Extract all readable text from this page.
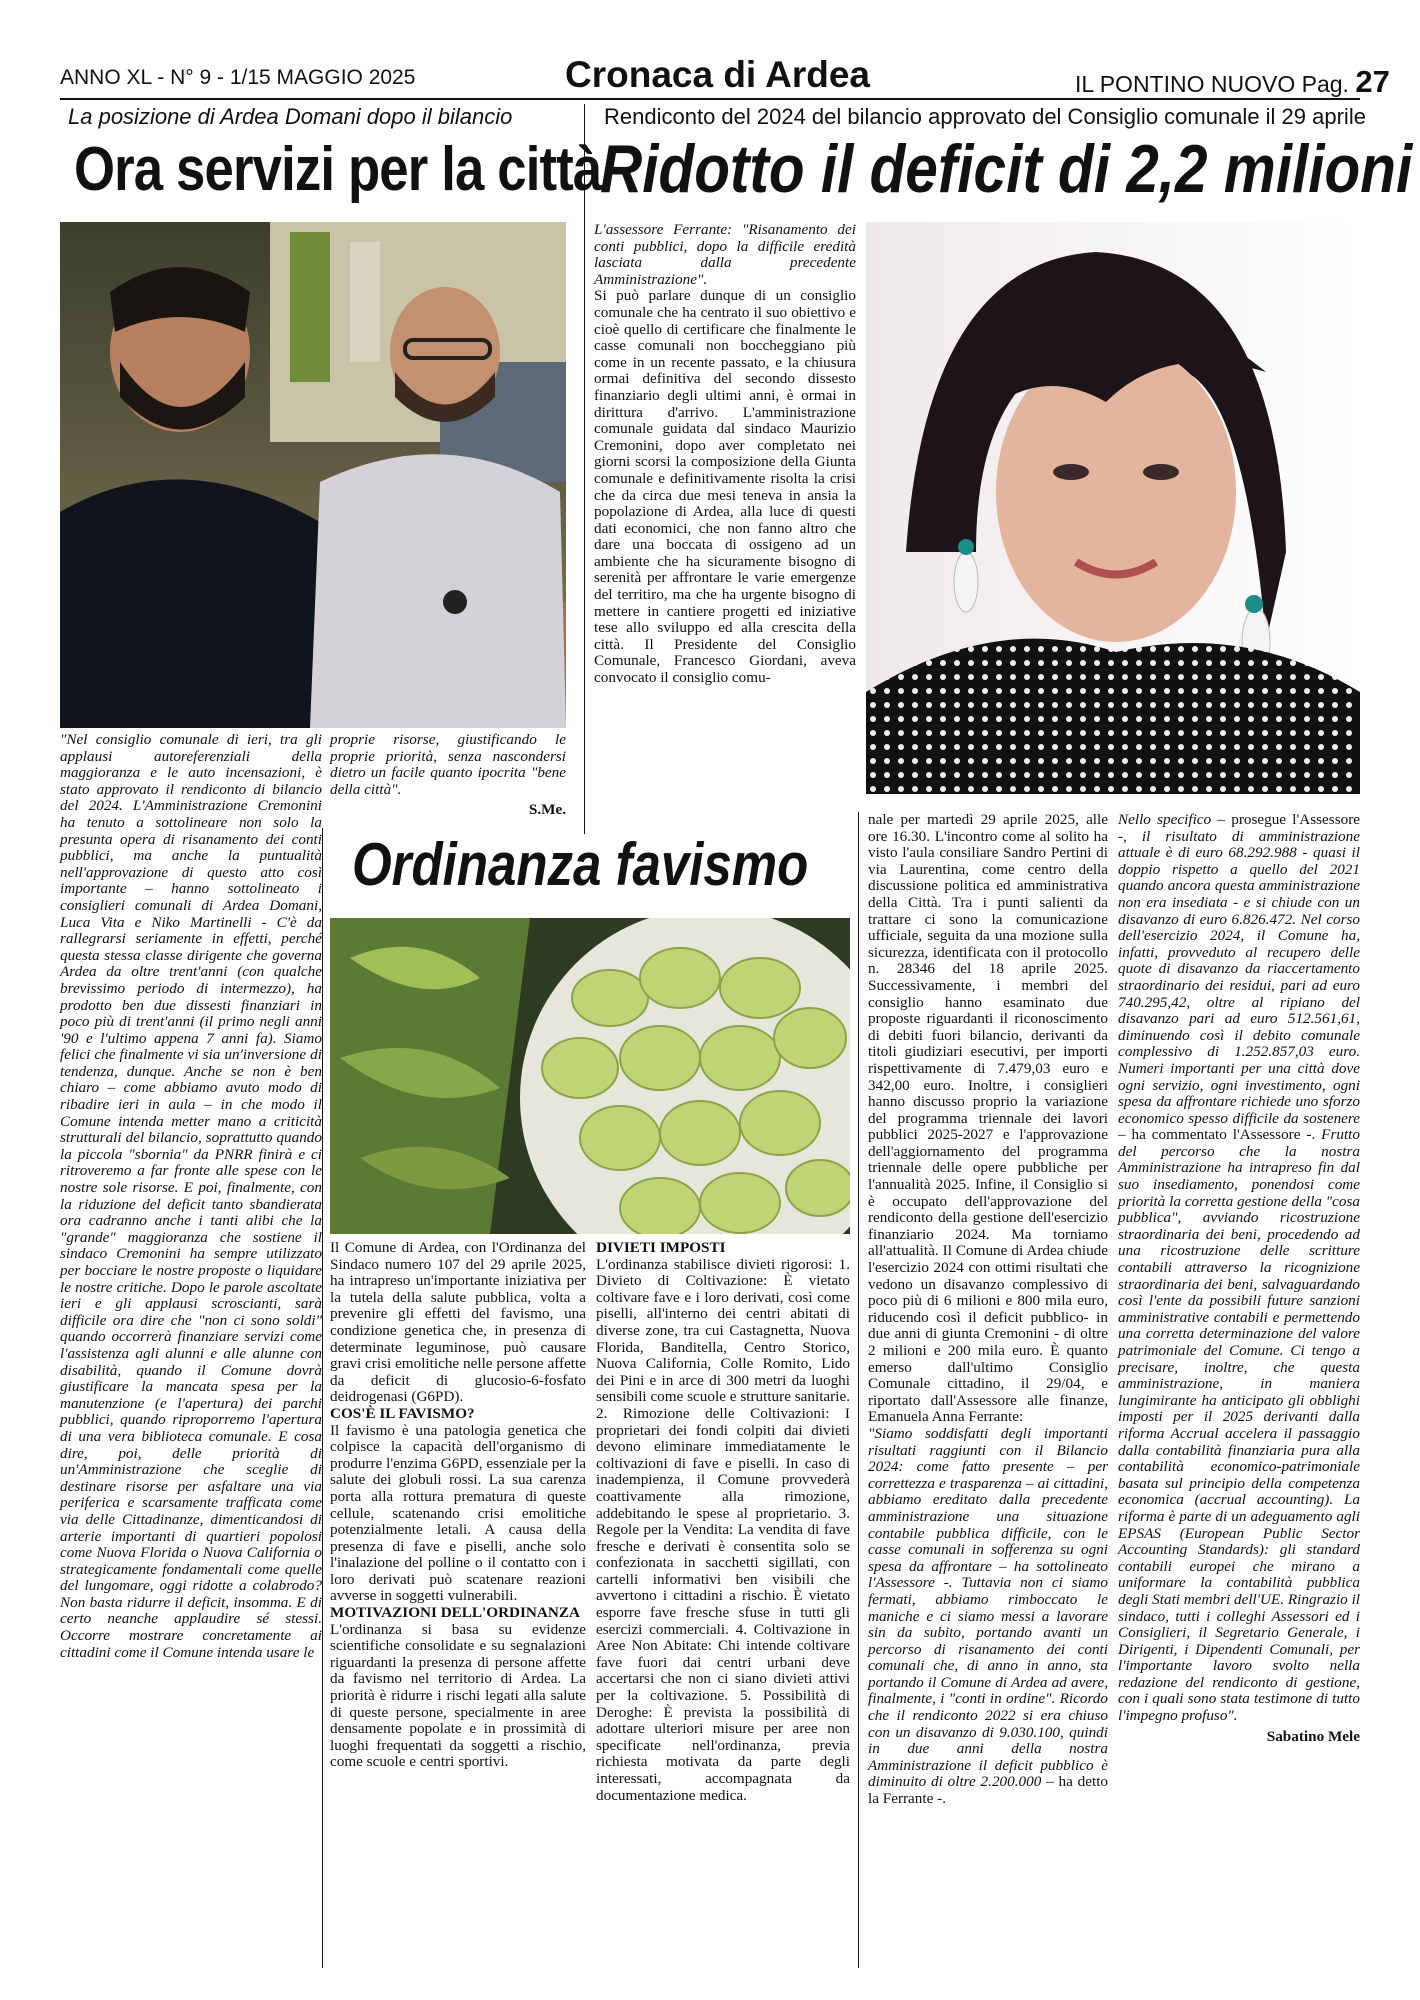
ANNO XL - N° 9 - 1/15 MAGGIO 2025	Cronaca di Ardea	IL PONTINO NUOVO Pag. 27
La posizione di Ardea Domani dopo il bilancio
Ora servizi per la città

"Nel consiglio comunale di ieri, tra gli applausi autoreferenziali della maggioranza e le auto incensazioni, è stato approvato il rendiconto di bilancio del 2024. L'Amministrazione Cremonini ha tenuto a sottolineare non solo la presunta opera di risanamento dei conti pubblici, ma anche la puntualità nell'approvazione di questo atto così importante – hanno sottolineato i consiglieri comunali di Ardea Domani, Luca Vita e Niko Martinelli - C'è da rallegrarsi seriamente in effetti, perché questa stessa classe dirigente che governa Ardea da oltre trent'anni (con qualche brevissimo periodo di intermezzo), ha prodotto ben due dissesti finanziari in poco più di trent'anni (il primo negli anni '90 e l'ultimo appena 7 anni fa). Siamo felici che finalmente vi sia un'inversione di tendenza, dunque. Anche se non è ben chiaro – come abbiamo avuto modo di ribadire ieri in aula – in che modo il Comune intenda metter mano a criticità strutturali del bilancio, soprattutto quando la piccola "sbornia" da PNRR finirà e ci ritroveremo a far fronte alle spese con le nostre sole risorse. E poi, finalmente, con la riduzione del deficit tanto sbandierata ora cadranno anche i tanti alibi che la "grande" maggioranza che sostiene il sindaco Cremonini ha sempre utilizzato per bocciare le nostre proposte o liquidare le nostre critiche. Dopo le parole ascoltate ieri e gli applausi scroscianti, sarà difficile ora dire che "non ci sono soldi" quando occorrerà finanziare servizi come l'assistenza agli alunni e alle alunne con disabilità, quando il Comune dovrà giustificare la mancata spesa per la manutenzione (e l'apertura) dei parchi pubblici, quando riproporremo l'apertura di una vera biblioteca comunale. E cosa dire, poi, delle priorità di un'Amministrazione che sceglie di destinare risorse per asfaltare una via periferica e scarsamente trafficata come via delle Cittadinanze, dimenticandosi di arterie importanti di quartieri popolosi come Nuova Florida o Nuova California o strategicamente fondamentali come quelle del lungomare, oggi ridotte a colabrodo? Non basta ridurre il deficit, insomma. E di certo neanche applaudire sé stessi. Occorre mostrare concretamente ai cittadini come il Comune intenda usare le

proprie risorse, giustificando le proprie priorità, senza nascondersi dietro un facile quanto ipocrita "bene della città".

S.Me.

Rendiconto del 2024 del bilancio approvato del Consiglio comunale il 29 aprile
Ridotto il deficit di 2,2 milioni

L'assessore Ferrante: "Risanamento dei conti pubblici, dopo la difficile eredità lasciata dalla precedente Amministrazione".

Si può parlare dunque di un consiglio comunale che ha centrato il suo obiettivo e cioè quello di certificare che finalmente le casse comunali non boccheggiano più come in un recente passato, e la chiusura ormai definitiva del secondo dissesto finanziario degli ultimi anni, è ormai in dirittura d'arrivo. L'amministrazione comunale guidata dal sindaco Maurizio Cremonini, dopo aver completato nei giorni scorsi la composizione della Giunta comunale e definitivamente risolta la crisi che da circa due mesi teneva in ansia la popolazione di Ardea, alla luce di questi dati economici, che non fanno altro che dare una boccata di ossigeno ad un ambiente che ha sicuramente bisogno di serenità per affrontare le varie emergenze del territiro, ma che ha urgente bisogno di mettere in cantiere progetti ed iniziative tese allo sviluppo ed alla crescita della città. Il Presidente del Consiglio Comunale, Francesco Giordani, aveva convocato il consiglio comu-

nale per martedì 29 aprile 2025, alle ore 16.30. L'incontro come al solito ha visto l'aula consiliare Sandro Pertini di via Laurentina, come centro della discussione politica ed amministrativa della Città. Tra i punti salienti da trattare ci sono la comunicazione ufficiale, seguita da una mozione sulla sicurezza, identificata con il protocollo n. 28346 del 18 aprile 2025. Successivamente, i membri del consiglio hanno esaminato due proposte riguardanti il riconoscimento di debiti fuori bilancio, derivanti da titoli giudiziari esecutivi, per importi rispettivamente di 7.479,03 euro e 342,00 euro. Inoltre, i consiglieri hanno discusso proprio la variazione del programma triennale dei lavori pubblici 2025-2027 e l'approvazione dell'aggiornamento del programma triennale delle opere pubbliche per l'annualità 2025. Infine, il Consiglio si è occupato dell'approvazione del rendiconto della gestione dell'esercizio finanziario 2024. Ma torniamo all'attualità. Il Comune di Ardea chiude l'esercizio 2024 con ottimi risultati che vedono un disavanzo complessivo di poco più di 6 milioni e 800 mila euro, riducendo così il deficit pubblico- in due anni di giunta Cremonini - di oltre 2 milioni e 200 mila euro. È quanto emerso dall'ultimo Consiglio Comunale cittadino, il 29/04, e riportato dall'Assessore alle finanze, Emanuela Anna Ferrante:

"Siamo soddisfatti degli importanti risultati raggiunti con il Bilancio 2024: come fatto presente – per correttezza e trasparenza – ai cittadini, abbiamo ereditato dalla precedente amministrazione una situazione contabile pubblica difficile, con le casse comunali in sofferenza su ogni spesa da affrontare – ha sottolineato l'Assessore -. Tuttavia non ci siamo fermati, abbiamo rimboccato le maniche e ci siamo messi a lavorare sin da subito, portando avanti un percorso di risanamento dei conti comunali che, di anno in anno, sta portando il Comune di Ardea ad avere, finalmente, i "conti in ordine". Ricordo che il rendiconto 2022 si era chiuso con un disavanzo di 9.030.100, quindi in due anni della nostra Amministrazione il deficit pubblico è diminuito di oltre 2.200.000 – ha detto la Ferrante -.

Nello specifico – prosegue l'Assessore -, il risultato di amministrazione attuale è di euro 68.292.988 - quasi il doppio rispetto a quello del 2021 quando ancora questa amministrazione non era insediata - e si chiude con un disavanzo di euro 6.826.472. Nel corso dell'esercizio 2024, il Comune ha, infatti, provveduto al recupero delle quote di disavanzo da riaccertamento straordinario dei residui, pari ad euro 740.295,42, oltre al ripiano del disavanzo pari ad euro 512.561,61, diminuendo così il debito comunale complessivo di 1.252.857,03 euro. Numeri importanti per una città dove ogni servizio, ogni investimento, ogni spesa da affrontare richiede uno sforzo economico spesso difficile da sostenere – ha commentato l'Assessore -. Frutto del percorso che la nostra Amministrazione ha intrapreso fin dal suo insediamento, ponendosi come priorità la corretta gestione della "cosa pubblica", avviando ricostruzione straordinaria dei beni, procedendo ad una ricostruzione delle scritture contabili attraverso la ricognizione straordinaria dei beni, salvaguardando così l'ente da possibili future sanzioni amministrative contabili e permettendo una corretta determinazione del valore patrimoniale del Comune. Ci tengo a precisare, inoltre, che questa amministrazione, in maniera lungimirante ha anticipato gli obblighi imposti per il 2025 derivanti dalla riforma Accrual accelera il passaggio dalla contabilità finanziaria pura alla contabilità economico-patrimoniale basata sul principio della competenza economica (accrual accounting). La riforma è parte di un adeguamento agli EPSAS (European Public Sector Accounting Standards): gli standard contabili europei che mirano a uniformare la contabilità pubblica degli Stati membri dell'UE. Ringrazio il sindaco, tutti i colleghi Assessori ed i Consiglieri, il Segretario Generale, i Dirigenti, i Dipendenti Comunali, per l'importante lavoro svolto nella redazione del rendiconto di gestione, con i quali sono stata testimone di tutto l'impegno profuso".

Sabatino Mele

Ordinanza favismo

Il Comune di Ardea, con l'Ordinanza del Sindaco numero 107 del 29 aprile 2025, ha intrapreso un'importante iniziativa per la tutela della salute pubblica, volta a prevenire gli effetti del favismo, una condizione genetica che, in presenza di determinate leguminose, può causare gravi crisi emolitiche nelle persone affette da deficit di glucosio-6-fosfato deidrogenasi (G6PD).

COS'È IL FAVISMO?

Il favismo è una patologia genetica che colpisce la capacità dell'organismo di produrre l'enzima G6PD, essenziale per la salute dei globuli rossi. La sua carenza porta alla rottura prematura di queste cellule, scatenando crisi emolitiche potenzialmente letali. A causa della presenza di fave e piselli, anche solo l'inalazione del polline o il contatto con i loro derivati può scatenare reazioni avverse in soggetti vulnerabili.

MOTIVAZIONI DELL'ORDINANZA

L'ordinanza si basa su evidenze scientifiche consolidate e su segnalazioni riguardanti la presenza di persone affette da favismo nel territorio di Ardea. La priorità è ridurre i rischi legati alla salute di queste persone, specialmente in aree densamente popolate e in prossimità di luoghi frequentati da soggetti a rischio, come scuole e centri sportivi.

DIVIETI IMPOSTI

L'ordinanza stabilisce divieti rigorosi: 1. Divieto di Coltivazione: È vietato coltivare fave e i loro derivati, così come piselli, all'interno dei centri abitati di diverse zone, tra cui Castagnetta, Nuova Florida, Banditella, Centro Storico, Nuova California, Colle Romito, Lido dei Pini e in arce di 300 metri da luoghi sensibili come scuole e strutture sanitarie. 2. Rimozione delle Coltivazioni: I proprietari dei fondi colpiti dai divieti devono eliminare immediatamente le coltivazioni di fave e piselli. In caso di inadempienza, il Comune provvederà coattivamente alla rimozione, addebitando le spese al proprietario. 3. Regole per la Vendita: La vendita di fave fresche e derivati è consentita solo se confezionata in sacchetti sigillati, con cartelli informativi ben visibili che avvertono i cittadini a rischio. È vietato esporre fave fresche sfuse in tutti gli esercizi commerciali. 4. Coltivazione in Aree Non Abitate: Chi intende coltivare fave fuori dai centri urbani deve accertarsi che non ci siano divieti attivi per la coltivazione. 5. Possibilità di Deroghe: È prevista la possibilità di adottare ulteriori misure per aree non specificate nell'ordinanza, previa richiesta motivata da parte degli interessati, accompagnata da documentazione medica.
